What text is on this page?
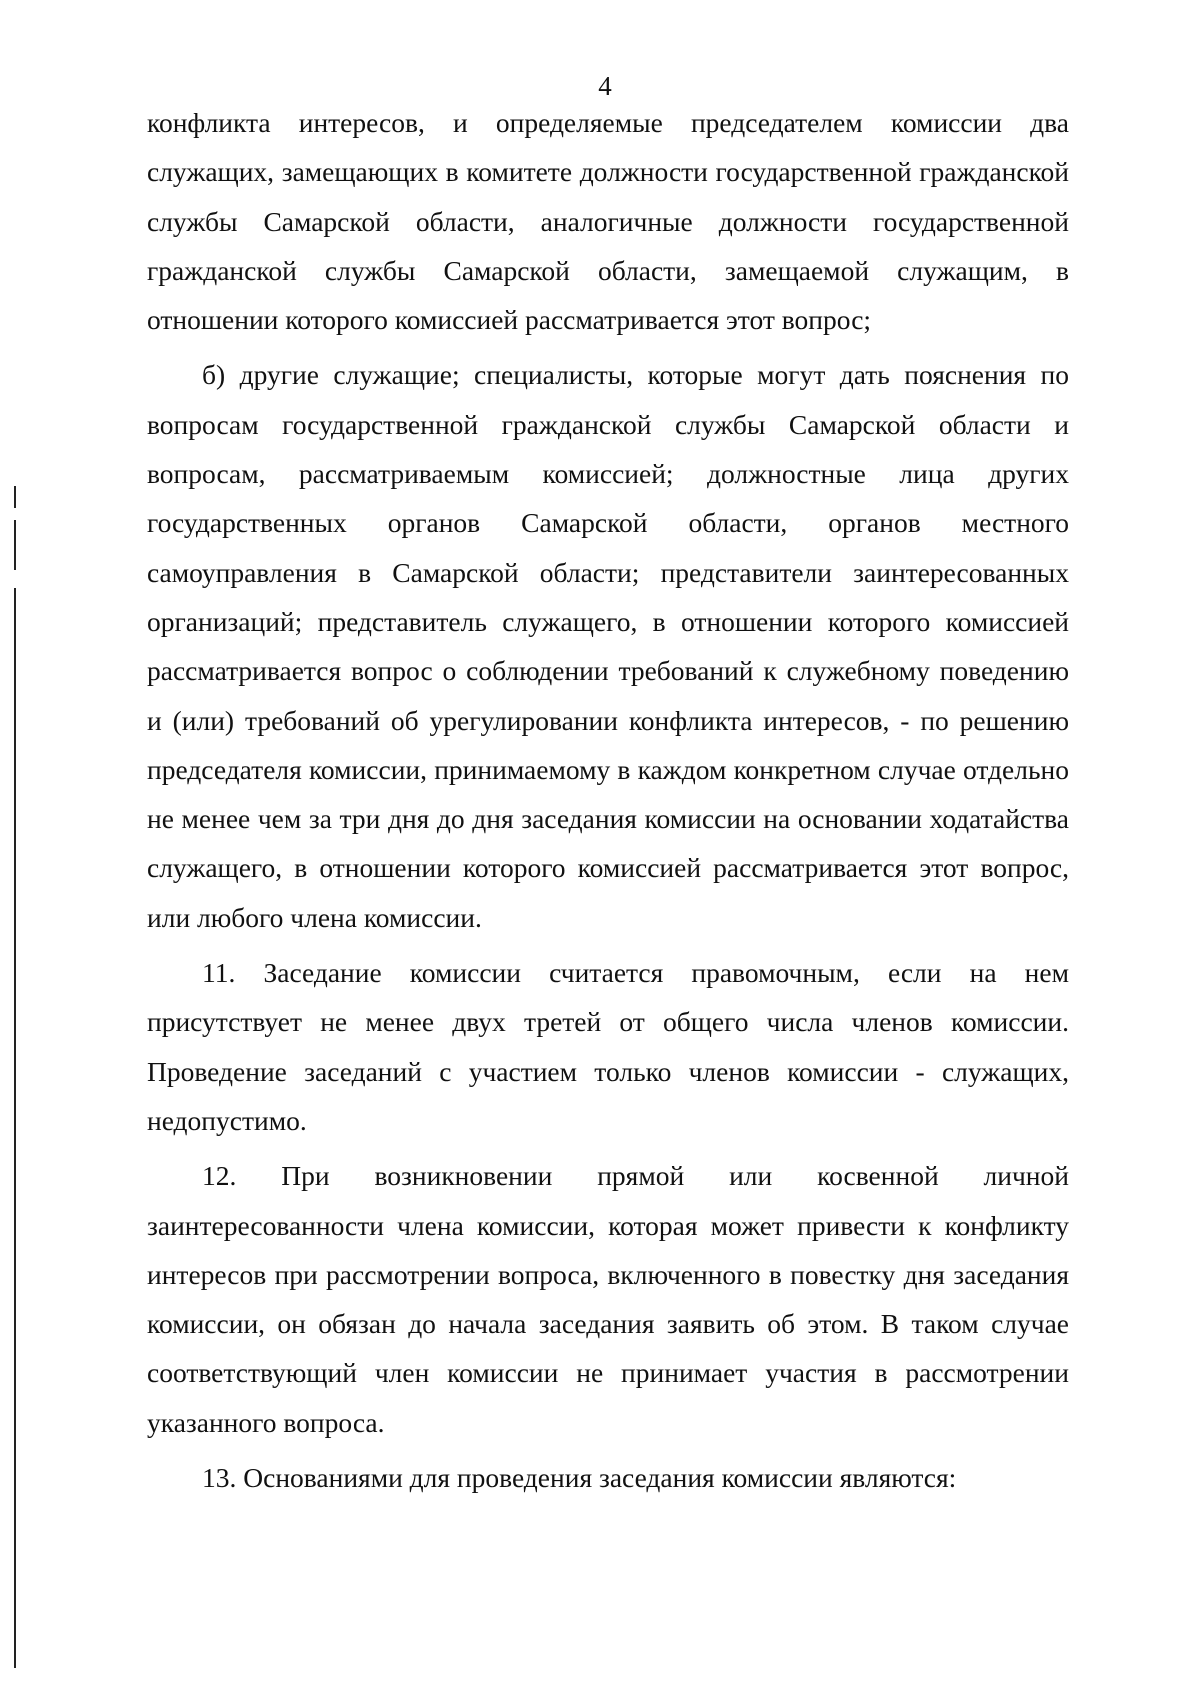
4

конфликта интересов, и определяемые председателем комиссии два служащих, замещающих в комитете должности государственной гражданской службы Самарской области, аналогичные должности государственной гражданской службы Самарской области, замещаемой служащим, в отношении которого комиссией рассматривается этот вопрос;

б) другие служащие; специалисты, которые могут дать пояснения по вопросам государственной гражданской службы Самарской области и вопросам, рассматриваемым комиссией; должностные лица других государственных органов Самарской области, органов местного самоуправления в Самарской области; представители заинтересованных организаций; представитель служащего, в отношении которого комиссией рассматривается вопрос о соблюдении требований к служебному поведению и (или) требований об урегулировании конфликта интересов, - по решению председателя комиссии, принимаемому в каждом конкретном случае отдельно не менее чем за три дня до дня заседания комиссии на основании ходатайства служащего, в отношении которого комиссией рассматривается этот вопрос, или любого члена комиссии.

11. Заседание комиссии считается правомочным, если на нем присутствует не менее двух третей от общего числа членов комиссии. Проведение заседаний с участием только членов комиссии - служащих, недопустимо.

12. При возникновении прямой или косвенной личной заинтересованности члена комиссии, которая может привести к конфликту интересов при рассмотрении вопроса, включенного в повестку дня заседания комиссии, он обязан до начала заседания заявить об этом. В таком случае соответствующий член комиссии не принимает участия в рассмотрении указанного вопроса.

13. Основаниями для проведения заседания комиссии являются:
